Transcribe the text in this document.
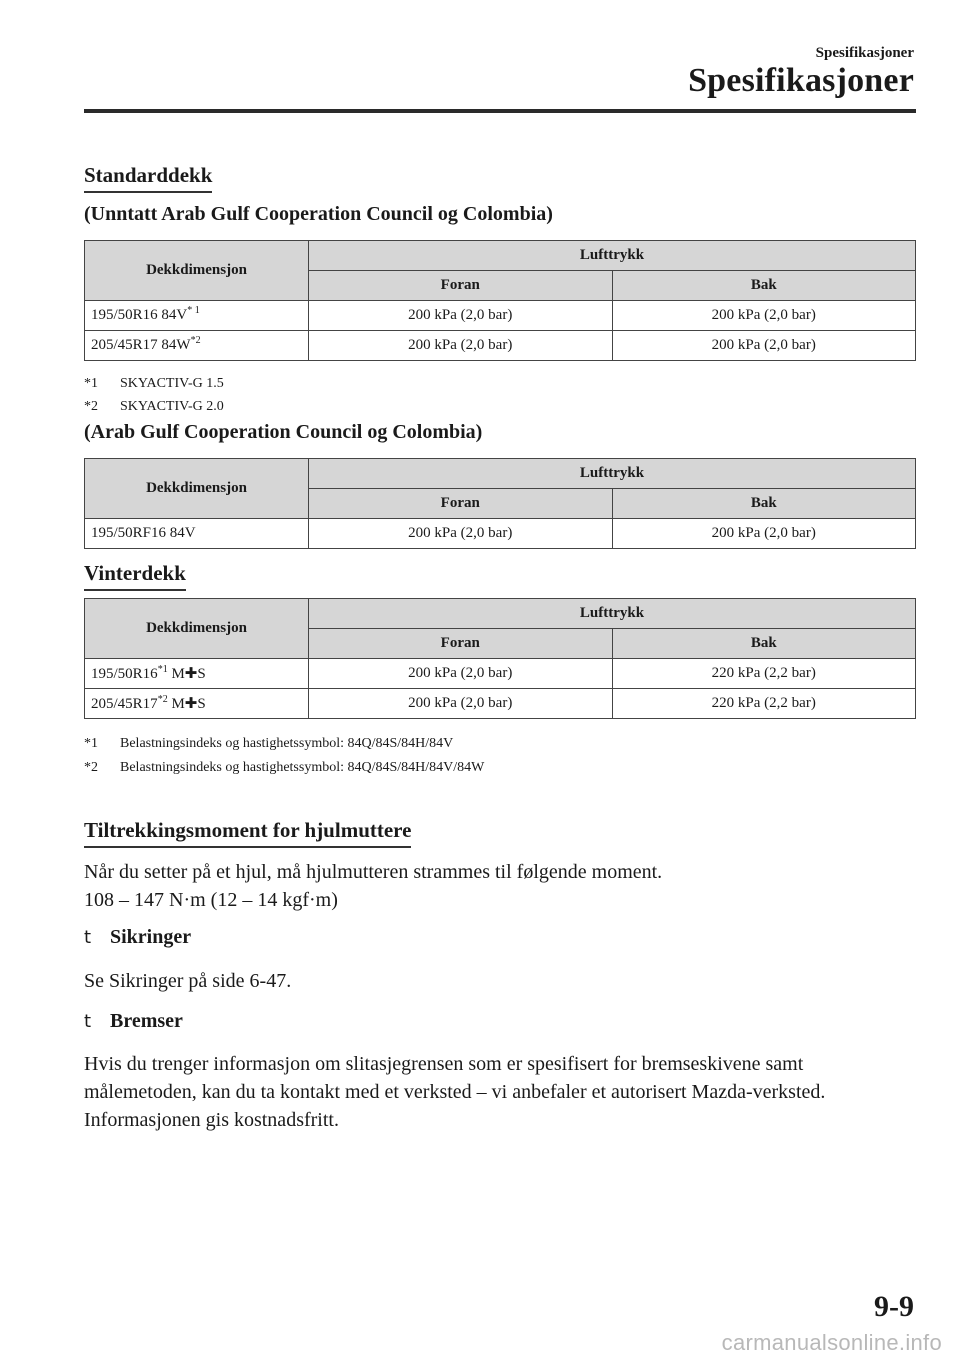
Spesifikasjoner
Spesifikasjoner
Standarddekk
(Unntatt Arab Gulf Cooperation Council og Colombia)
Dekkdimensjon	Lufttrykk	
	Foran	Bak
195/50R16 $84V^{* 1}$	200 kPa (2,0 bar)	200 kPa (2,0 bar)
205/45R17 $84W^{*2}$	200 kPa (2,0 bar)	200 kPa (2,0 bar)
*1 SKYACTIV-G 1.5
*2 SKYACTIV-G 2.0
(Arab Gulf Cooperation Council og Colombia)
Dekkdimensjon	Lufttrykk	
	Foran	Bak
195/50RF16 84V	200 kPa (2,0 bar)	200 kPa (2,0 bar)
Vinterdekk
Dekkdimensjon	Lufttrykk	
	Foran	Bak
195/50R16$^{*1}$ M✚S	200 kPa (2,0 bar)	220 kPa (2,2 bar)
205/45R17$^{*2}$ M✚S	200 kPa (2,0 bar)	220 kPa (2,2 bar)
*1 Belastningsindeks og hastighetssymbol: 84Q/84S/84H/84V
*2 Belastningsindeks og hastighetssymbol: 84Q/84S/84H/84V/84W
Tiltrekkingsmoment for hjulmuttere
Når du setter på et hjul, må hjulmutteren strammes til følgende moment.
108 – 147 N·m (12 – 14 kgf·m)
t Sikringer
Se Sikringer på side 6-47.
t Bremser
Hvis du trenger informasjon om slitasjegrensen som er spesifisert for bremseskivene samt
målemetoden, kan du ta kontakt med et verksted – vi anbefaler et autorisert Mazda-verksted.
Informasjonen gis kostnadsfritt.
9-9
carmanualsonline.info
